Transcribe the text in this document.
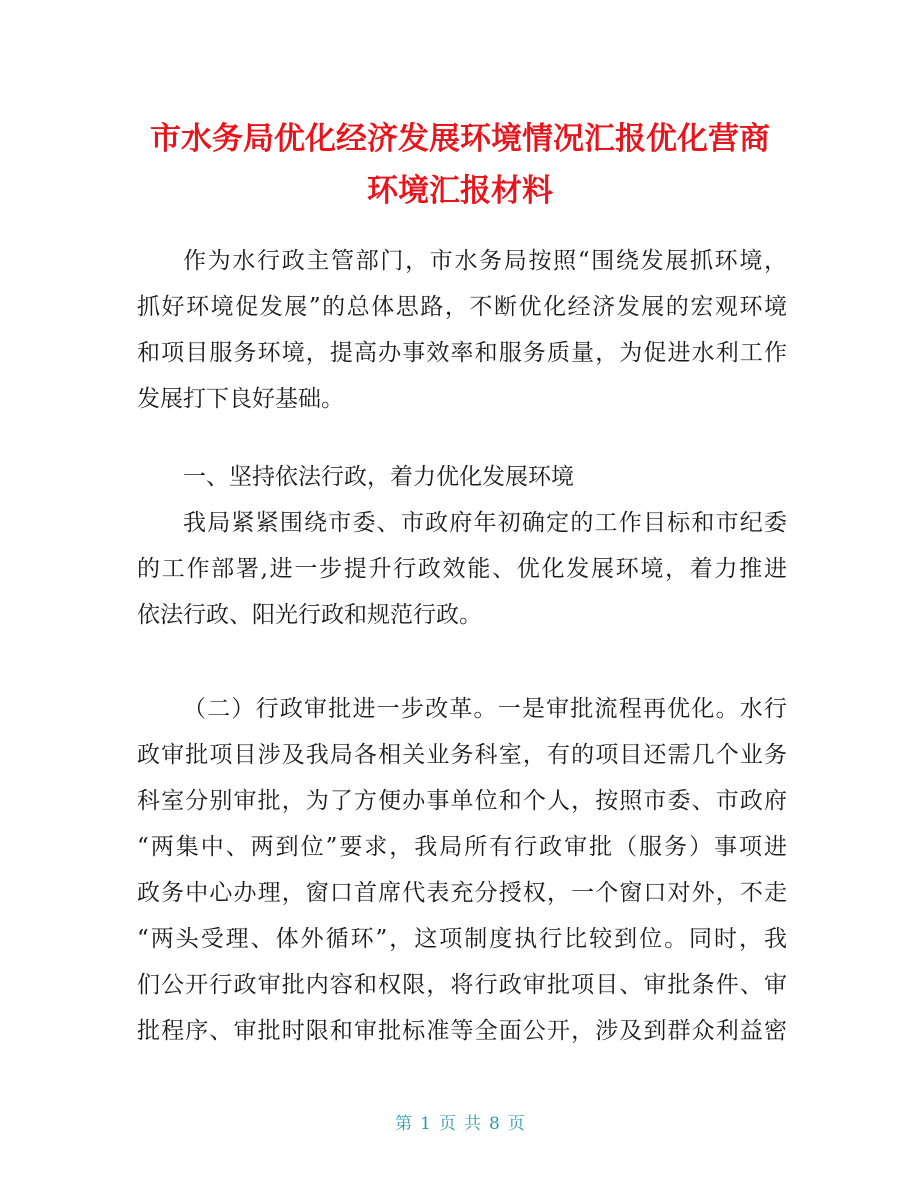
市水务局优化经济发展环境情况汇报优化营商
环境汇报材料
作为水行政主管部门，市水务局按照“围绕发展抓环境，
抓好环境促发展”的总体思路，不断优化经济发展的宏观环境
和项目服务环境，提高办事效率和服务质量，为促进水利工作
发展打下良好基础。
一、坚持依法行政，着力优化发展环境
我局紧紧围绕市委、市政府年初确定的工作目标和市纪委
的工作部署,进一步提升行政效能、优化发展环境，着力推进
依法行政、阳光行政和规范行政。
（二）行政审批进一步改革。一是审批流程再优化。水行
政审批项目涉及我局各相关业务科室，有的项目还需几个业务
科室分别审批，为了方便办事单位和个人，按照市委、市政府
“两集中、两到位”要求，我局所有行政审批（服务）事项进
政务中心办理，窗口首席代表充分授权，一个窗口对外，不走
“两头受理、体外循环”，这项制度执行比较到位。同时，我
们公开行政审批内容和权限，将行政审批项目、审批条件、审
批程序、审批时限和审批标准等全面公开，涉及到群众利益密
第 1 页 共 8 页
